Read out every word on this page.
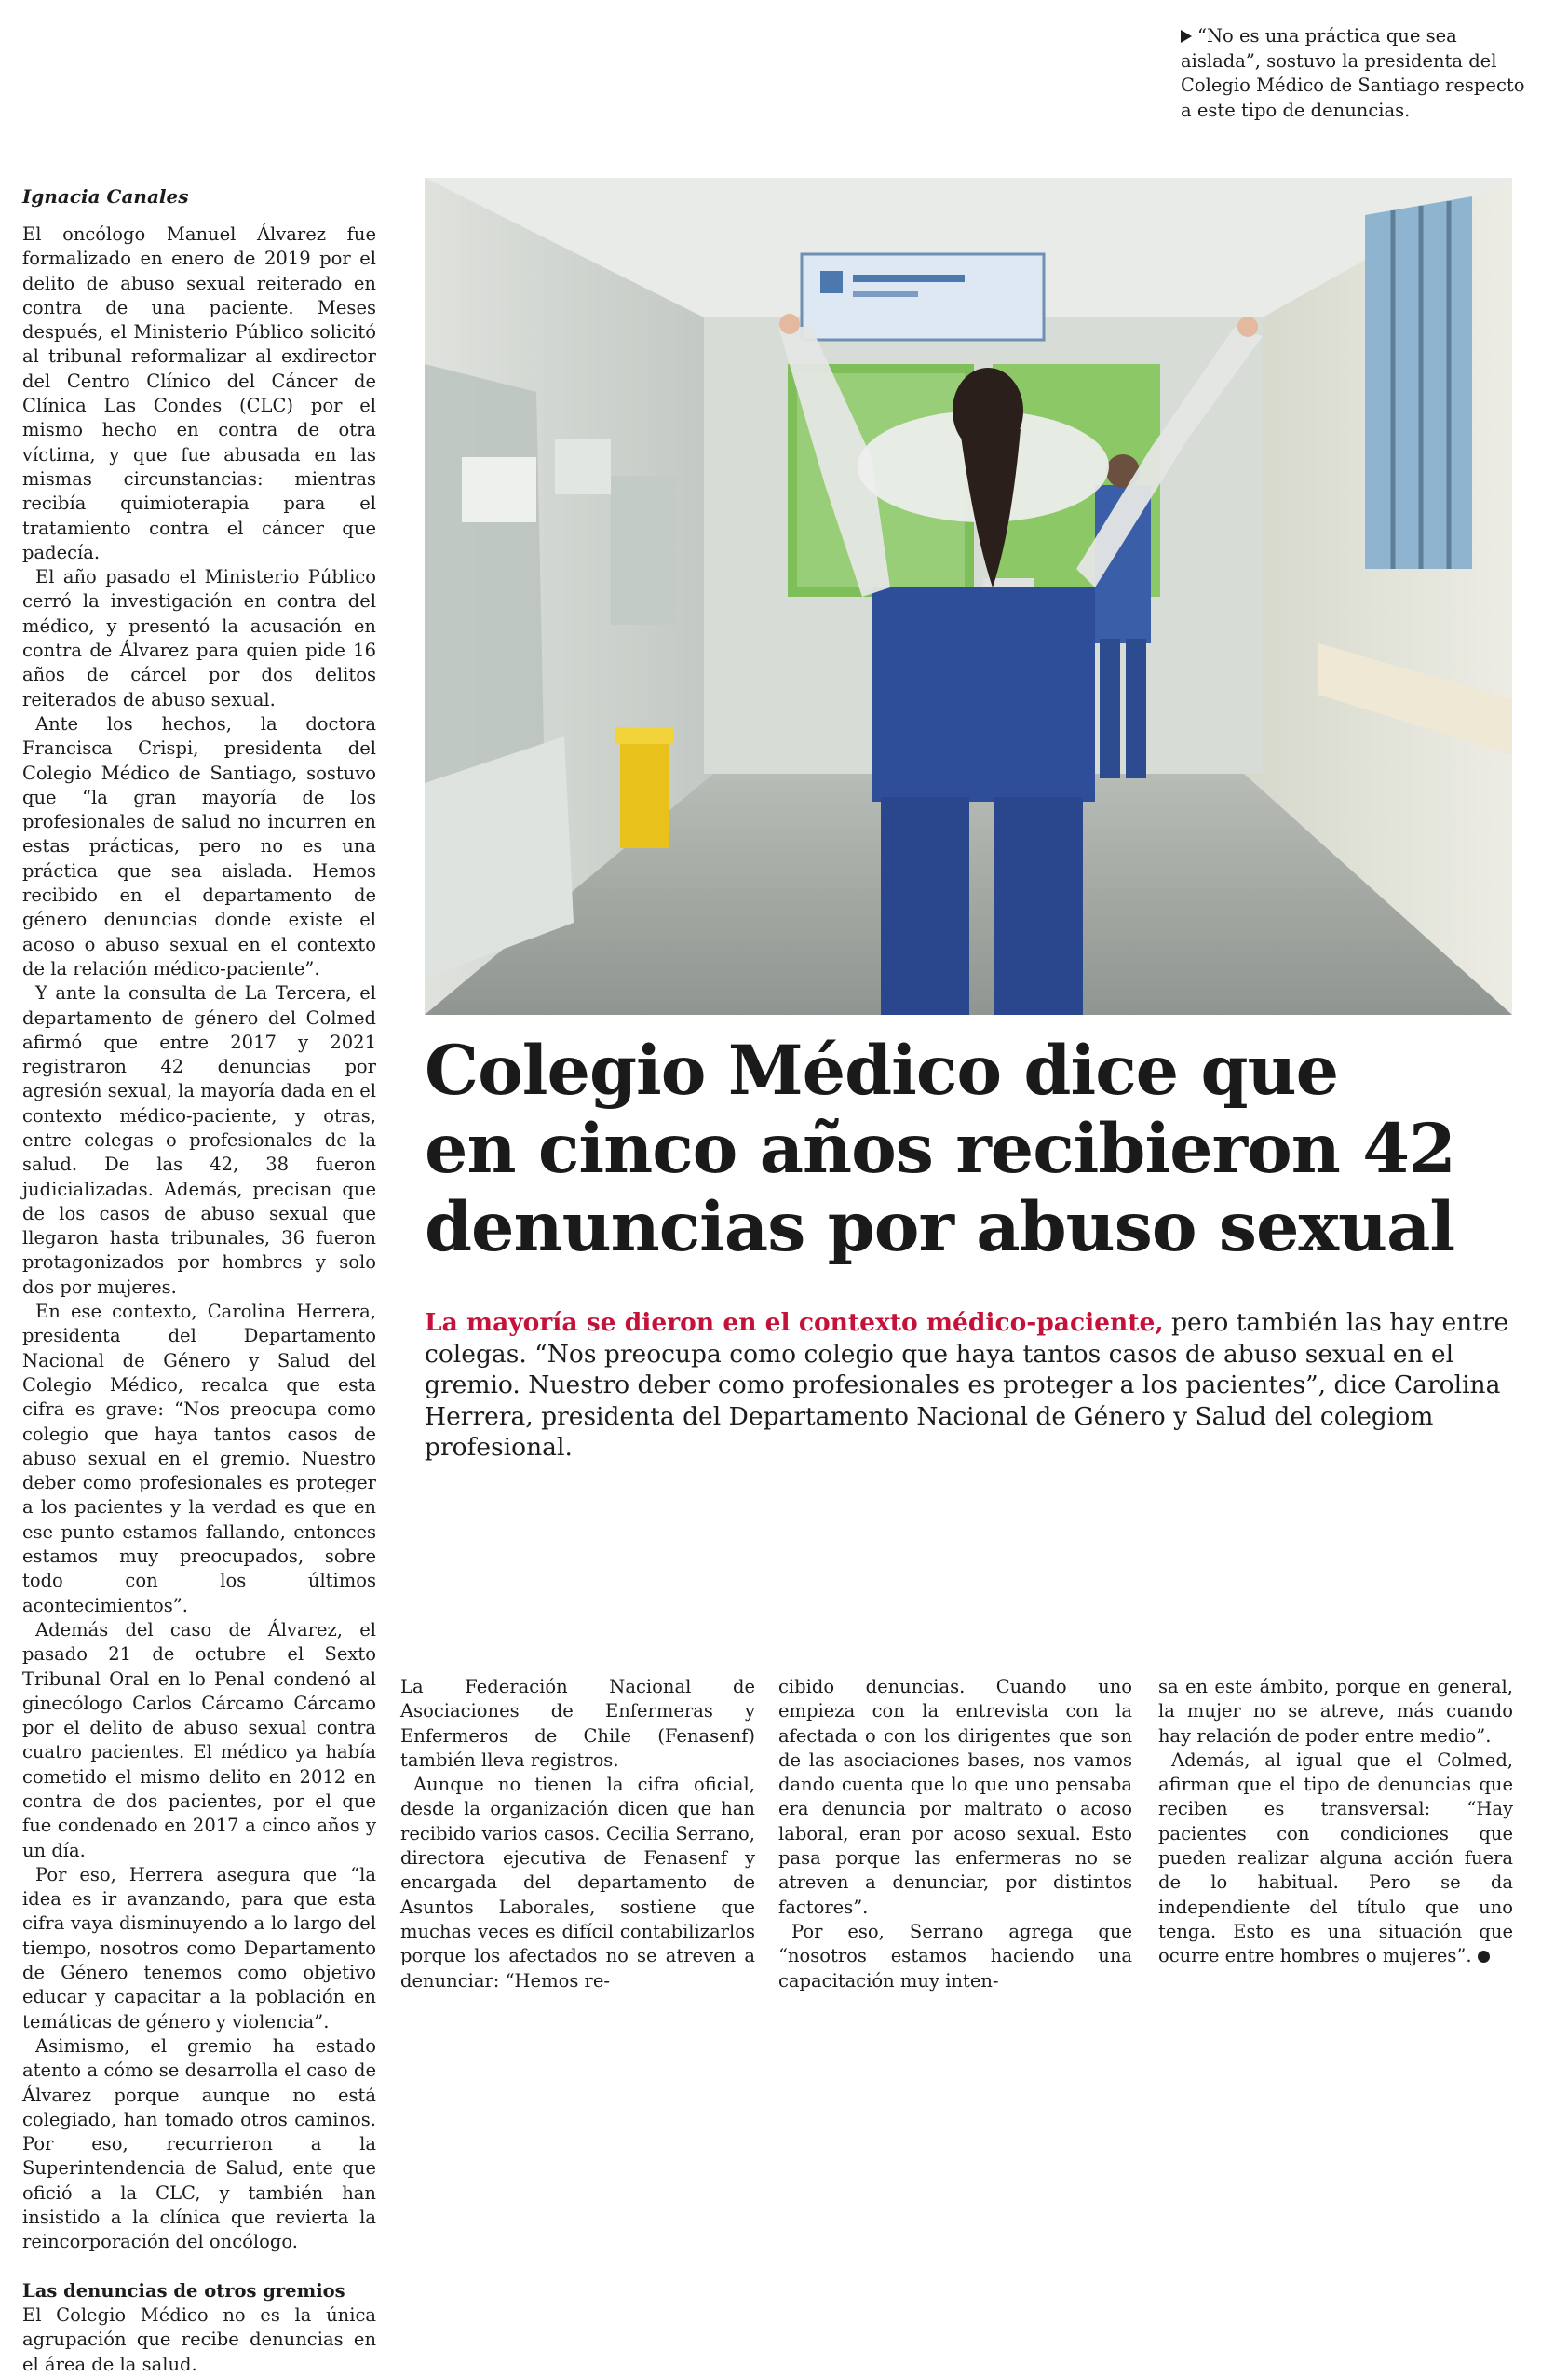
“No es una práctica que sea aislada”, sostuvo la presidenta del Colegio Médico de Santiago respecto a este tipo de denuncias.
Ignacia Canales

El oncólogo Manuel Álvarez fue formalizado en enero de 2019 por el delito de abuso sexual reiterado en contra de una paciente. Meses después, el Ministerio Público solicitó al tribunal reformalizar al exdirector del Centro Clínico del Cáncer de Clínica Las Condes (CLC) por el mismo hecho en contra de otra víctima, y que fue abusada en las mismas circunstancias: mientras recibía quimioterapia para el tratamiento contra el cáncer que padecía.

El año pasado el Ministerio Público cerró la investigación en contra del médico, y presentó la acusación en contra de Álvarez para quien pide 16 años de cárcel por dos delitos reiterados de abuso sexual.

Ante los hechos, la doctora Francisca Crispi, presidenta del Colegio Médico de Santiago, sostuvo que “la gran mayoría de los profesionales de salud no incurren en estas prácticas, pero no es una práctica que sea aislada. Hemos recibido en el departamento de género denuncias donde existe el acoso o abuso sexual en el contexto de la relación médico-paciente”.

Y ante la consulta de La Tercera, el departamento de género del Colmed afirmó que entre 2017 y 2021 registraron 42 denuncias por agresión sexual, la mayoría dada en el contexto médico-paciente, y otras, entre colegas o profesionales de la salud. De las 42, 38 fueron judicializadas. Además, precisan que de los casos de abuso sexual que llegaron hasta tribunales, 36 fueron protagonizados por hombres y solo dos por mujeres.

En ese contexto, Carolina Herrera, presidenta del Departamento Nacional de Género y Salud del Colegio Médico, recalca que esta cifra es grave: “Nos preocupa como colegio que haya tantos casos de abuso sexual en el gremio. Nuestro deber como profesionales es proteger a los pacientes y la verdad es que en ese punto estamos fallando, entonces estamos muy preocupados, sobre todo con los últimos acontecimientos”.

Además del caso de Álvarez, el pasado 21 de octubre el Sexto Tribunal Oral en lo Penal condenó al ginecólogo Carlos Cárcamo Cárcamo por el delito de abuso sexual contra cuatro pacientes. El médico ya había cometido el mismo delito en 2012 en contra de dos pacientes, por el que fue condenado en 2017 a cinco años y un día.

Por eso, Herrera asegura que “la idea es ir avanzando, para que esta cifra vaya disminuyendo a lo largo del tiempo, nosotros como Departamento de Género tenemos como objetivo educar y capacitar a la población en temáticas de género y violencia”.

Asimismo, el gremio ha estado atento a cómo se desarrolla el caso de Álvarez porque aunque no está colegiado, han tomado otros caminos. Por eso, recurrieron a la Superintendencia de Salud, ente que ofició a la CLC, y también han insistido a la clínica que revierta la reincorporación del oncólogo.

Las denuncias de otros gremios

El Colegio Médico no es la única agrupación que recibe denuncias en el área de la salud.

Colegio Médico dice que
en cinco años recibieron 42
denuncias por abuso sexual
La mayoría se dieron en el contexto médico-paciente, pero también las hay entre colegas. “Nos preocupa como colegio que haya tantos casos de abuso sexual en el gremio. Nuestro deber como profesionales es proteger a los pacientes”, dice Carolina Herrera, presidenta del Departamento Nacional de Género y Salud del colegiom profesional.

La Federación Nacional de Asociaciones de Enfermeras y Enfermeros de Chile (Fenasenf) también lleva registros.

Aunque no tienen la cifra oficial, desde la organización dicen que han recibido varios casos. Cecilia Serrano, directora ejecutiva de Fenasenf y encargada del departamento de Asuntos Laborales, sostiene que muchas veces es difícil contabilizarlos porque los afectados no se atreven a denunciar: “Hemos re-

cibido denuncias. Cuando uno empieza con la entrevista con la afectada o con los dirigentes que son de las asociaciones bases, nos vamos dando cuenta que lo que uno pensaba era denuncia por maltrato o acoso laboral, eran por acoso sexual. Esto pasa porque las enfermeras no se atreven a denunciar, por distintos factores”.

Por eso, Serrano agrega que “nosotros estamos haciendo una capacitación muy inten-

sa en este ámbito, porque en general, la mujer no se atreve, más cuando hay relación de poder entre medio”.

Además, al igual que el Colmed, afirman que el tipo de denuncias que reciben es transversal: “Hay pacientes con condiciones que pueden realizar alguna acción fuera de lo habitual. Pero se da independiente del título que uno tenga. Esto es una situación que ocurre entre hombres o mujeres”.
